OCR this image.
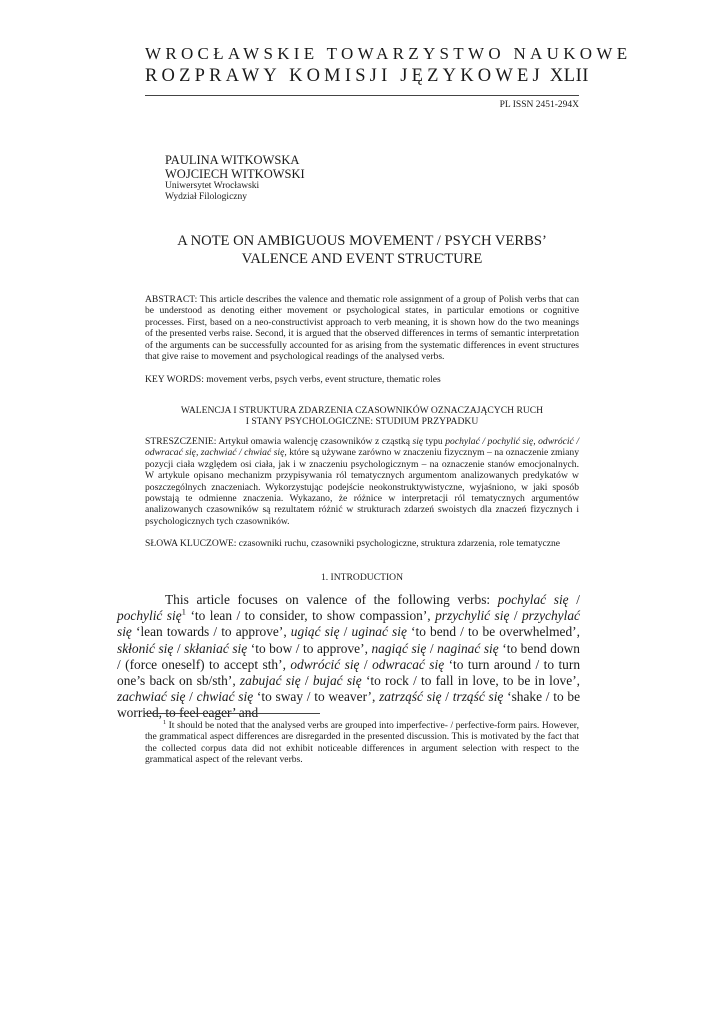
WROCŁAWSKIE TOWARZYSTWO NAUKOWE
ROZPRAWY KOMISJI JĘZYKOWEJ XLII
PL ISSN 2451-294X
PAULINA WITKOWSKA
WOJCIECH WITKOWSKI
Uniwersytet Wrocławski
Wydział Filologiczny
A NOTE ON AMBIGUOUS MOVEMENT / PSYCH VERBS’
VALENCE AND EVENT STRUCTURE
ABSTRACT: This article describes the valence and thematic role assignment of a group of Polish verbs that can be understood as denoting either movement or psychological states, in particular emotions or cognitive processes. First, based on a neo-constructivist approach to verb meaning, it is shown how do the two meanings of the presented verbs raise. Second, it is argued that the observed differences in terms of semantic interpretation of the arguments can be successfully accounted for as arising from the systematic differences in event structures that give raise to movement and psychological readings of the analysed verbs.
KEY WORDS: movement verbs, psych verbs, event structure, thematic roles
WALENCJA I STRUKTURA ZDARZENIA CZASOWNIKÓW OZNACZAJĄCYCH RUCH
I STANY PSYCHOLOGICZNE: STUDIUM PRZYPADKU
STRESZCZENIE: Artykuł omawia walencję czasowników z cząstką się typu pochylać / pochylić się, odwrócić / odwracać się, zachwiać / chwiać się, które są używane zarówno w znaczeniu fizycznym – na oznaczenie zmiany pozycji ciała względem osi ciała, jak i w znaczeniu psychologicznym – na oznaczenie stanów emocjonalnych. W artykule opisano mechanizm przypisywania ról tematycznych argumentom analizowanych predykatów w poszczególnych znaczeniach. Wykorzystując podejście neokonstruktywistyczne, wyjaśniono, w jaki sposób powstają te odmienne znaczenia. Wykazano, że różnice w interpretacji ról tematycznych argumentów analizowanych czasowników są rezultatem różnić w strukturach zdarzeń swoistych dla znaczeń fizycznych i psychologicznych tych czasowników.
SŁOWA KLUCZOWE: czasowniki ruchu, czasowniki psychologiczne, struktura zdarzenia, role tematyczne
1. INTRODUCTION
This article focuses on valence of the following verbs: pochylać się / pochylić się$^1$ ‘to lean / to consider, to show compassion’, przychylić się / przychylać się ‘lean towards / to approve’, ugiąć się / uginać się ‘to bend / to be overwhelmed’, skłonić się / skłaniać się ‘to bow / to approve’, nagiąć się / naginać się ‘to bend down / (force oneself) to accept sth’, odwrócić się / odwracać się ‘to turn around / to turn one’s back on sb/sth’, zabujać się / bujać się ‘to rock / to fall in love, to be in love’, zachwiać się / chwiać się ‘to sway / to weaver’, zatrząść się / trząść się ‘shake / to be worried, to feel eager’ and
$^1$ It should be noted that the analysed verbs are grouped into imperfective- / perfective-form pairs. However, the grammatical aspect differences are disregarded in the presented discussion. This is motivated by the fact that the collected corpus data did not exhibit noticeable differences in argument selection with respect to the grammatical aspect of the relevant verbs.
